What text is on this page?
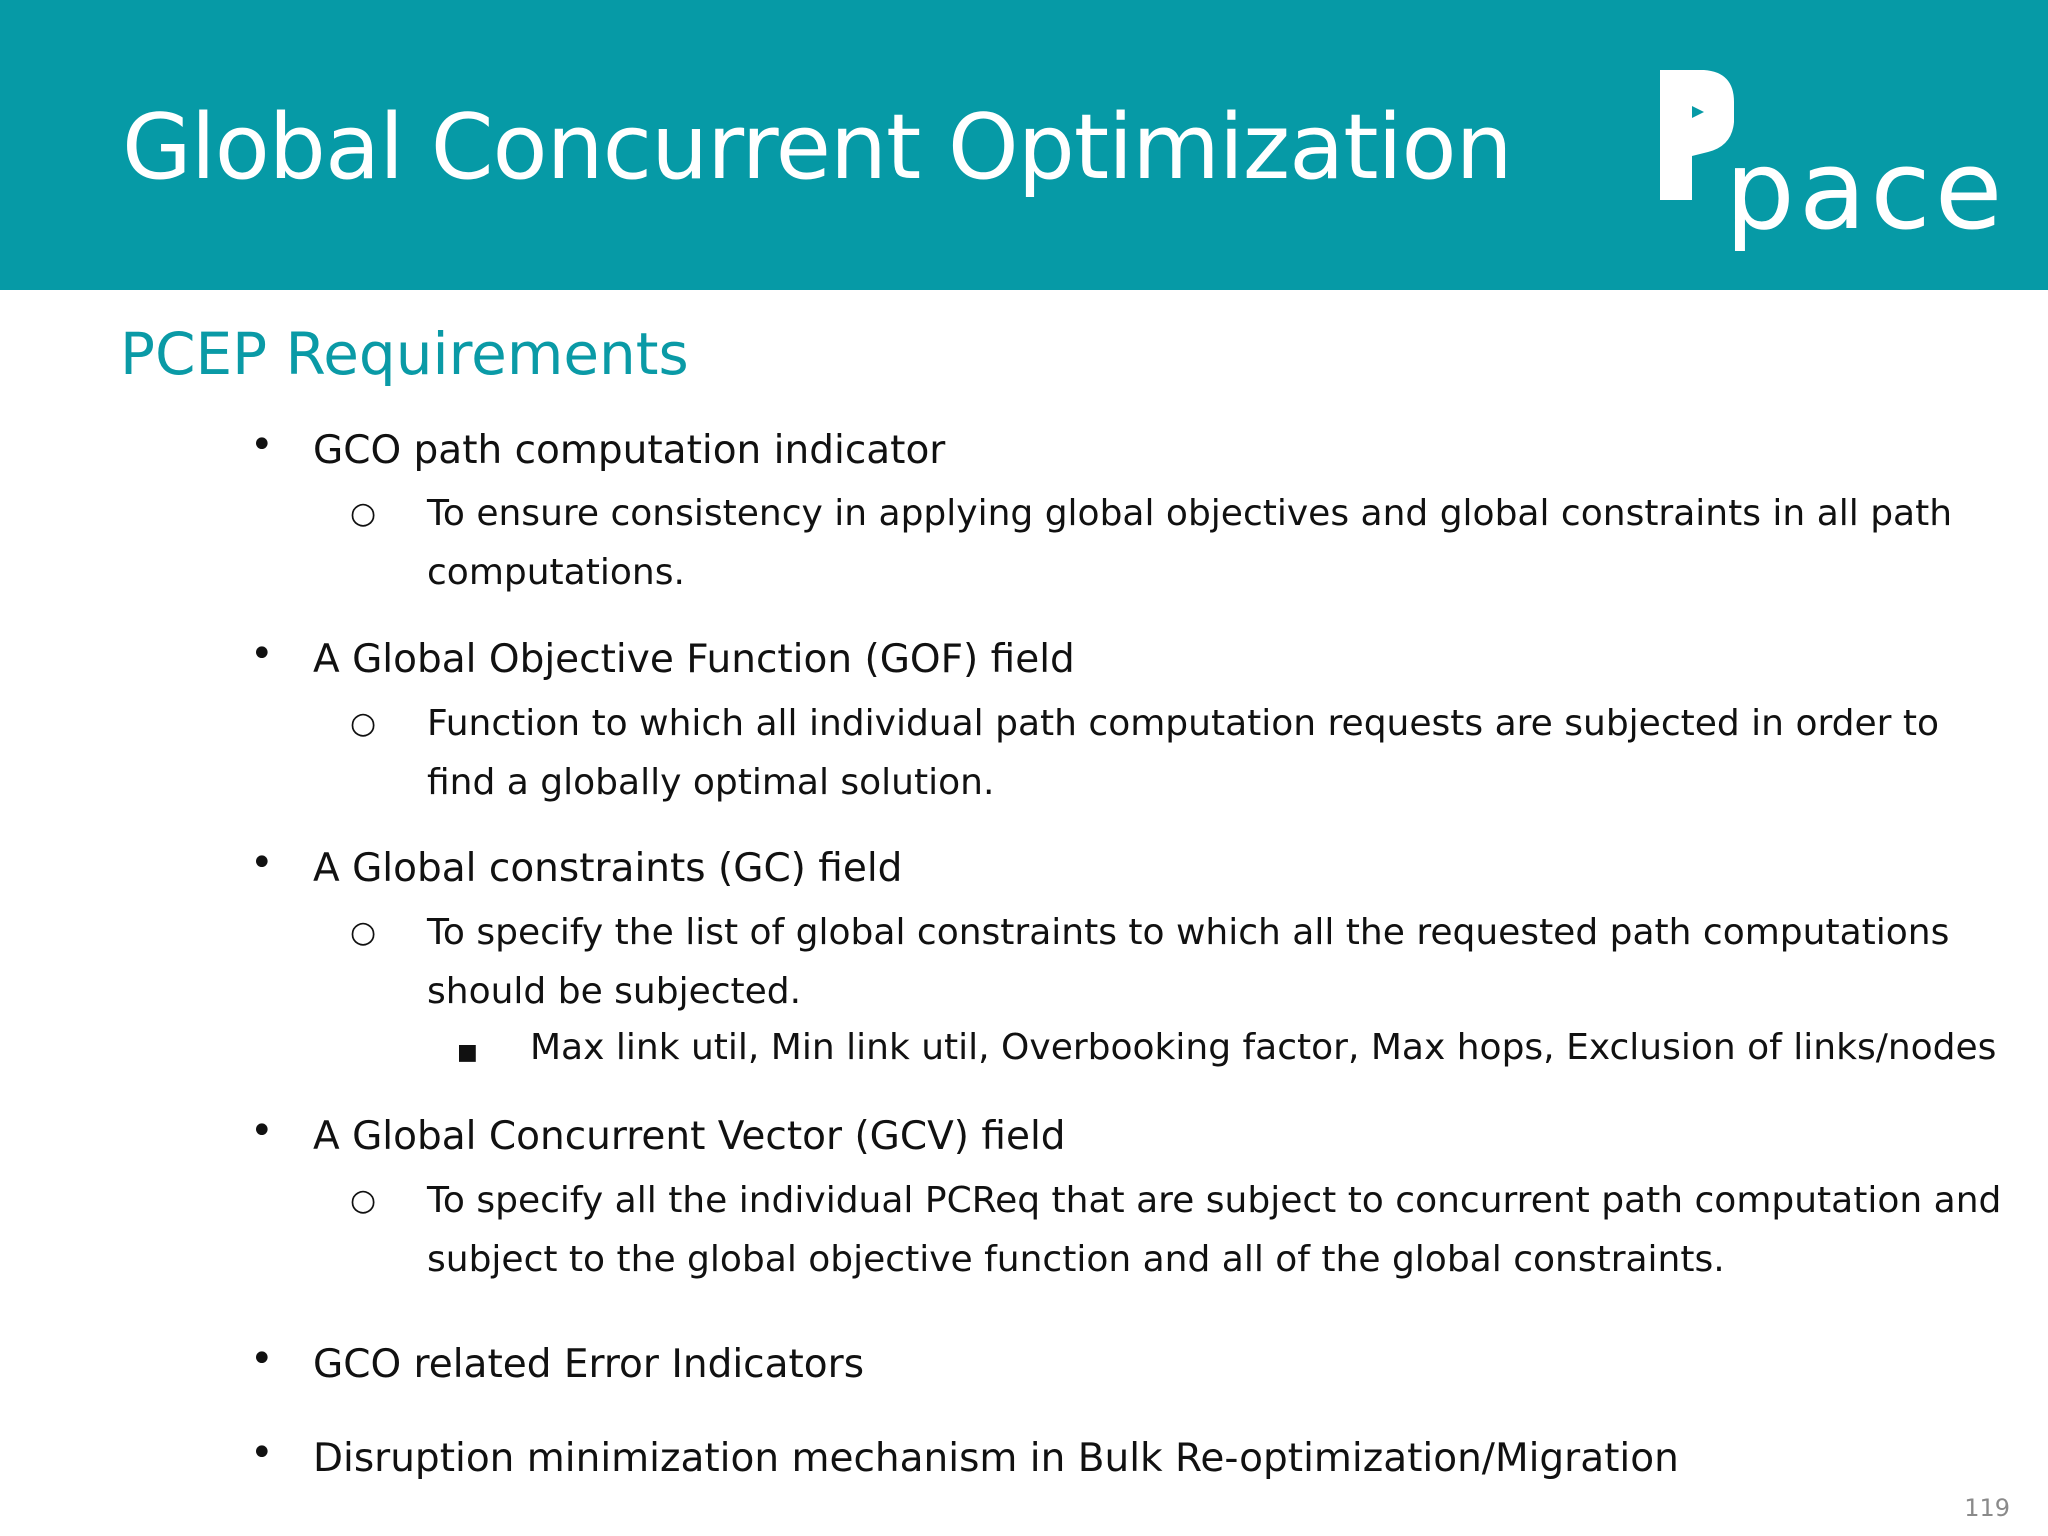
Global Concurrent Optimization pace
PCEP Requirements
• GCO path computation indicator
○ To ensure consistency in applying global objectives and global constraints in all path computations.
• A Global Objective Function (GOF) field
○ Function to which all individual path computation requests are subjected in order to find a globally optimal solution.
• A Global constraints (GC) field
○ To specify the list of global constraints to which all the requested path computations should be subjected.
■ Max link util, Min link util, Overbooking factor, Max hops, Exclusion of links/nodes
• A Global Concurrent Vector (GCV) field
○ To specify all the individual PCReq that are subject to concurrent path computation and subject to the global objective function and all of the global constraints.
• GCO related Error Indicators
• Disruption minimization mechanism in Bulk Re-optimization/Migration
119
